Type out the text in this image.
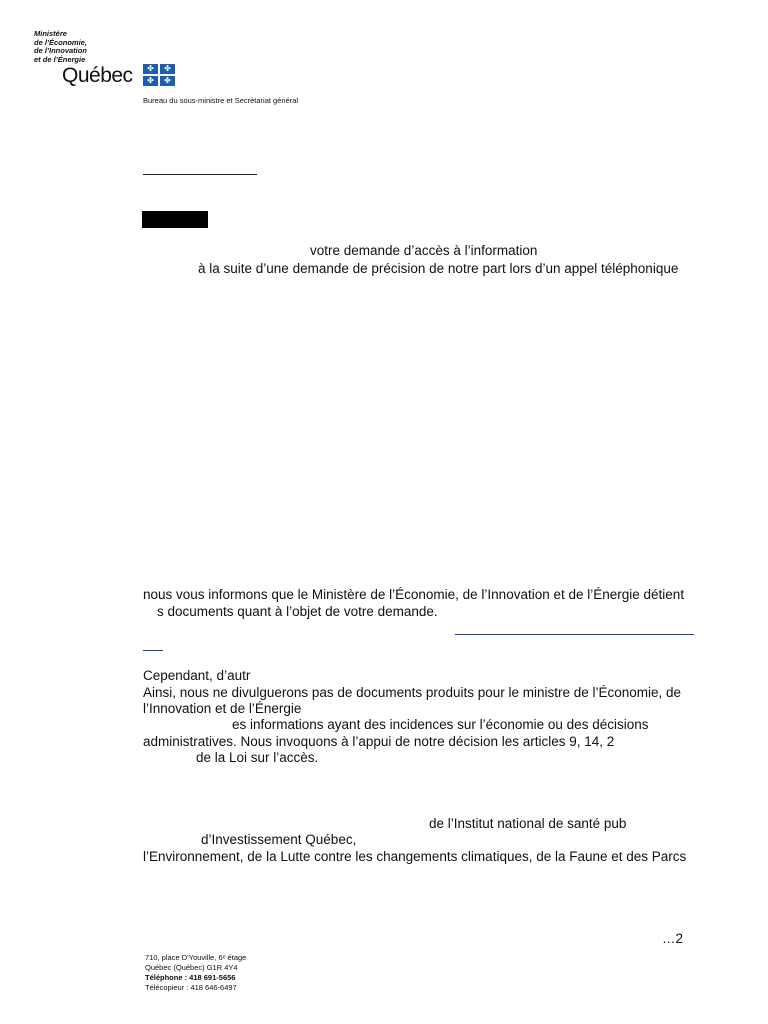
Ministère
de l’Économie,
de l’Innovation
et de l’Énergie
Québec	✤	✤
✤	✤
Bureau du sous-ministre et Secrétariat général
votre demande d’accès à l’information
à la suite d’une demande de précision de notre part lors d’un appel téléphonique
nous vous informons que le Ministère de l’Économie, de l’Innovation et de l’Énergie détient
s documents quant à l’objet de votre demande.
Cependant, d’autr
Ainsi, nous ne divulguerons pas de documents produits pour le ministre de l’Économie, de
l’Innovation et de l’Énergie
es informations ayant des incidences sur l’économie ou des décisions
administratives. Nous invoquons à l’appui de notre décision les articles 9, 14, 2
de la Loi sur l’accès.
de l’Institut national de santé pub
d’Investissement Québec,
l’Environnement, de la Lutte contre les changements climatiques, de la Faune et des Parcs
…2
710, place D’Youville, 6ᵉ étage
Québec (Québec) G1R 4Y4
Téléphone : 418 691-5656
Télécopieur : 418 646-6497
